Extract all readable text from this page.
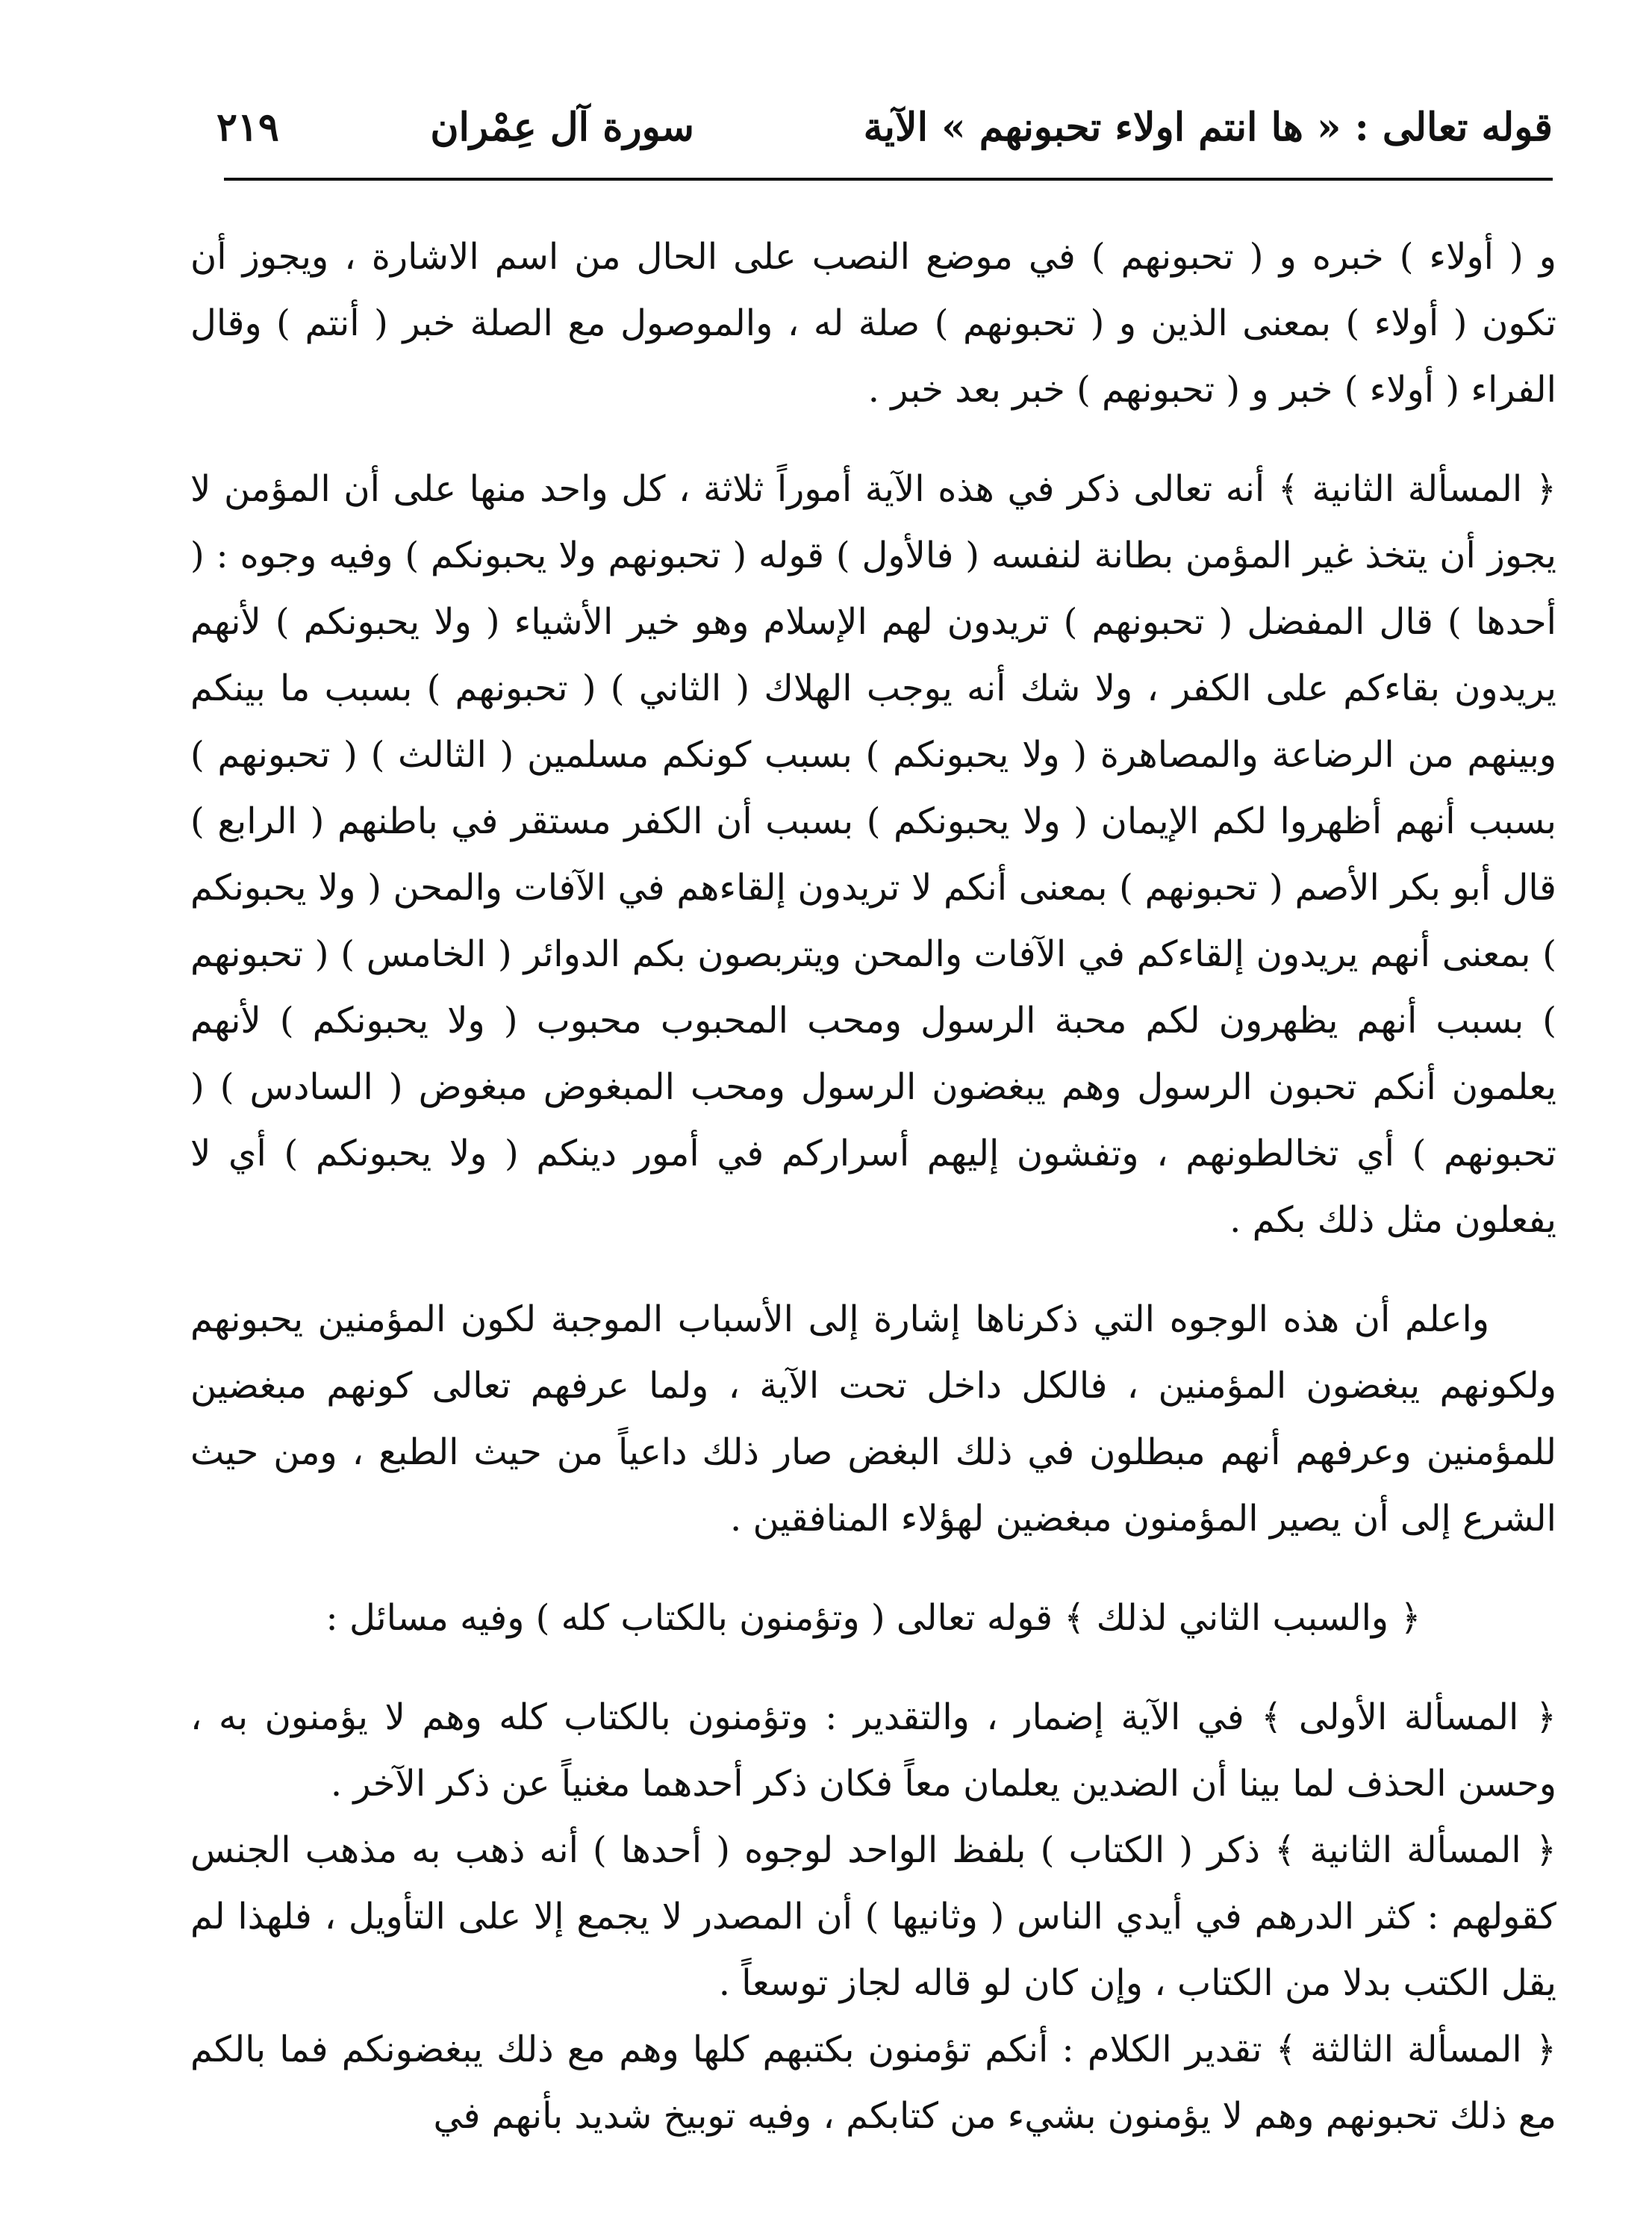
قوله تعالى : « ها انتم اولاء تحبونهم » الآية
سورة آل عِمْران
٢١٩

و ( أولاء ) خبره و ( تحبونهم ) في موضع النصب على الحال من اسم الاشارة ، ويجوز أن تكون ( أولاء ) بمعنى الذين و ( تحبونهم ) صلة له ، والموصول مع الصلة خبر ( أنتم ) وقال الفراء ( أولاء ) خبر و ( تحبونهم ) خبر بعد خبر .

﴿ المسألة الثانية ﴾ أنه تعالى ذكر في هذه الآية أموراً ثلاثة ، كل واحد منها على أن المؤمن لا يجوز أن يتخذ غير المؤمن بطانة لنفسه ( فالأول ) قوله ( تحبونهم ولا يحبونكم ) وفيه وجوه : ( أحدها ) قال المفضل ( تحبونهم ) تريدون لهم الإسلام وهو خير الأشياء ( ولا يحبونكم ) لأنهم يريدون بقاءكم على الكفر ، ولا شك أنه يوجب الهلاك ( الثاني ) ( تحبونهم ) بسبب ما بينكم وبينهم من الرضاعة والمصاهرة ( ولا يحبونكم ) بسبب كونكم مسلمين ( الثالث ) ( تحبونهم ) بسبب أنهم أظهروا لكم الإيمان ( ولا يحبونكم ) بسبب أن الكفر مستقر في باطنهم ( الرابع ) قال أبو بكر الأصم ( تحبونهم ) بمعنى أنكم لا تريدون إلقاءهم في الآفات والمحن ( ولا يحبونكم ) بمعنى أنهم يريدون إلقاءكم في الآفات والمحن ويتربصون بكم الدوائر ( الخامس ) ( تحبونهم ) بسبب أنهم يظهرون لكم محبة الرسول ومحب المحبوب محبوب ( ولا يحبونكم ) لأنهم يعلمون أنكم تحبون الرسول وهم يبغضون الرسول ومحب المبغوض مبغوض ( السادس ) ( تحبونهم ) أي تخالطونهم ، وتفشون إليهم أسراركم في أمور دينكم ( ولا يحبونكم ) أي لا يفعلون مثل ذلك بكم .

واعلم أن هذه الوجوه التي ذكرناها إشارة إلى الأسباب الموجبة لكون المؤمنين يحبونهم ولكونهم يبغضون المؤمنين ، فالكل داخل تحت الآية ، ولما عرفهم تعالى كونهم مبغضين للمؤمنين وعرفهم أنهم مبطلون في ذلك البغض صار ذلك داعياً من حيث الطبع ، ومن حيث الشرع إلى أن يصير المؤمنون مبغضين لهؤلاء المنافقين .

﴿ والسبب الثاني لذلك ﴾ قوله تعالى ( وتؤمنون بالكتاب كله ) وفيه مسائل :

﴿ المسألة الأولى ﴾ في الآية إضمار ، والتقدير : وتؤمنون بالكتاب كله وهم لا يؤمنون به ، وحسن الحذف لما بينا أن الضدين يعلمان معاً فكان ذكر أحدهما مغنياً عن ذكر الآخر .

﴿ المسألة الثانية ﴾ ذكر ( الكتاب ) بلفظ الواحد لوجوه ( أحدها ) أنه ذهب به مذهب الجنس كقولهم : كثر الدرهم في أيدي الناس ( وثانيها ) أن المصدر لا يجمع إلا على التأويل ، فلهذا لم يقل الكتب بدلا من الكتاب ، وإن كان لو قاله لجاز توسعاً .

﴿ المسألة الثالثة ﴾ تقدير الكلام : أنكم تؤمنون بكتبهم كلها وهم مع ذلك يبغضونكم فما بالكم مع ذلك تحبونهم وهم لا يؤمنون بشيء من كتابكم ، وفيه توبيخ شديد بأنهم في
